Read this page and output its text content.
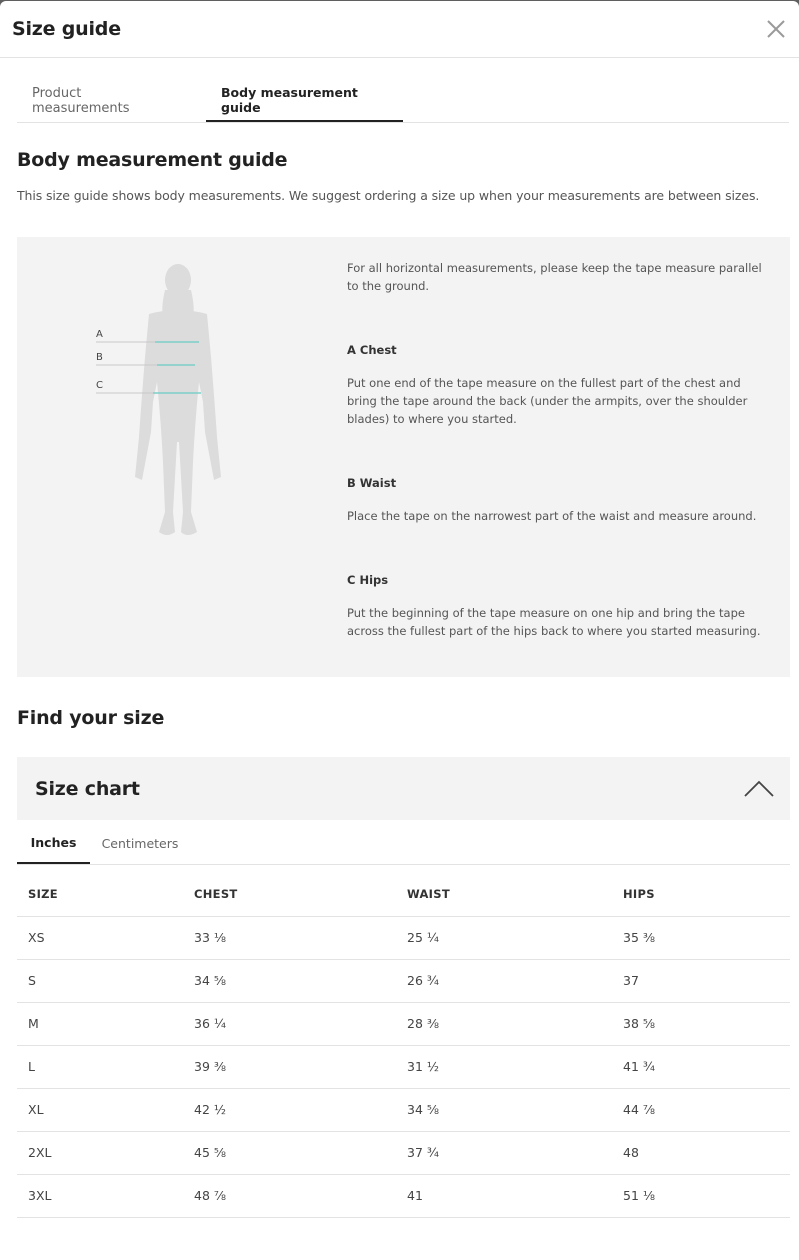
Size guide
Product measurements
Body measurement guide
Body measurement guide
This size guide shows body measurements. We suggest ordering a size up when your measurements are between sizes.
A
B
C

For all horizontal measurements, please keep the tape measure parallel to the ground.

A Chest

Put one end of the tape measure on the fullest part of the chest and bring the tape around the back (under the armpits, over the shoulder blades) to where you started.

B Waist

Place the tape on the narrowest part of the waist and measure around.

C Hips

Put the beginning of the tape measure on one hip and bring the tape across the fullest part of the hips back to where you started measuring.

Find your size
Size chart
Inches	Centimeters
SIZE	CHEST	WAIST	HIPS
XS	33 ⅛	25 ¼	35 ⅜
S	34 ⅝	26 ¾	37
M	36 ¼	28 ⅜	38 ⅝
L	39 ⅜	31 ½	41 ¾
XL	42 ½	34 ⅝	44 ⅞
2XL	45 ⅝	37 ¾	48
3XL	48 ⅞	41	51 ⅛
